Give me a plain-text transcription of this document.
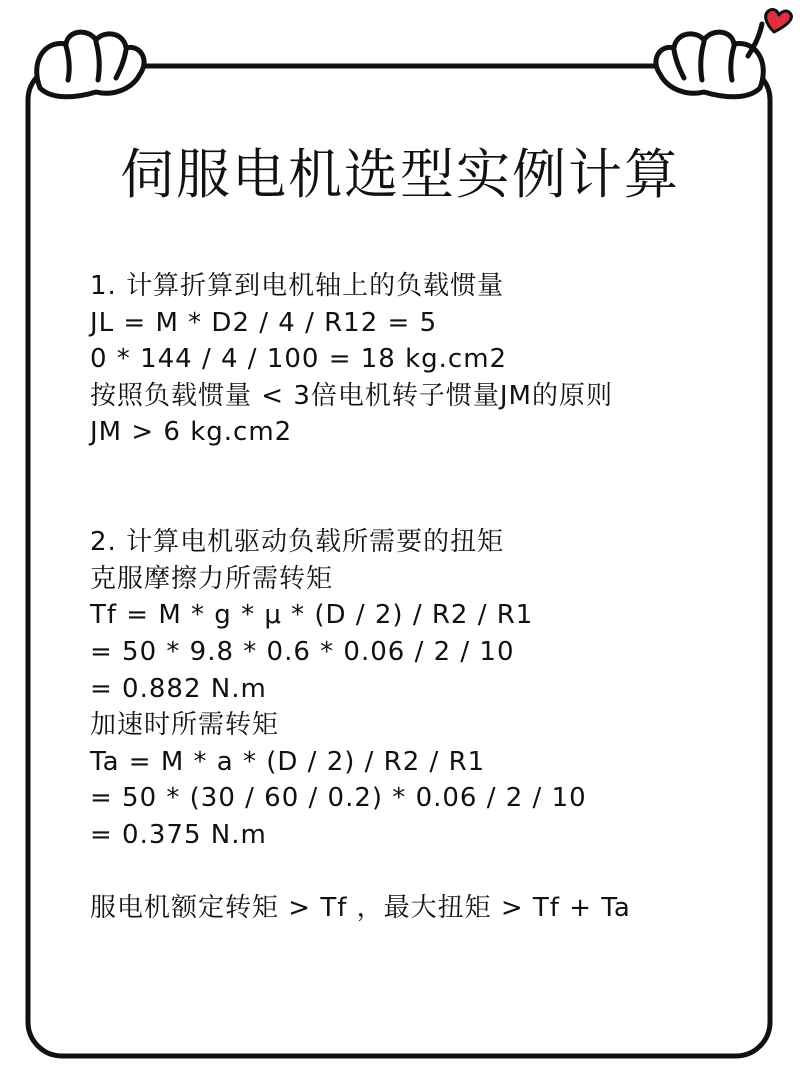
伺服电机选型实例计算
1. 计算折算到电机轴上的负载惯量
JL = M * D2 / 4 / R12 = 5
0 * 144 / 4 / 100 = 18 kg.cm2
按照负载惯量 < 3倍电机转子惯量JM的原则
JM > 6 kg.cm2
2. 计算电机驱动负载所需要的扭矩
克服摩擦力所需转矩
Tf = M * g * μ * (D / 2) / R2 / R1
= 50 * 9.8 * 0.6 * 0.06 / 2 / 10
= 0.882 N.m
加速时所需转矩
Ta = M * a * (D / 2) / R2 / R1
= 50 * (30 / 60 / 0.2) * 0.06 / 2 / 10
= 0.375 N.m
服电机额定转矩 > Tf ，最大扭矩 > Tf + Ta
